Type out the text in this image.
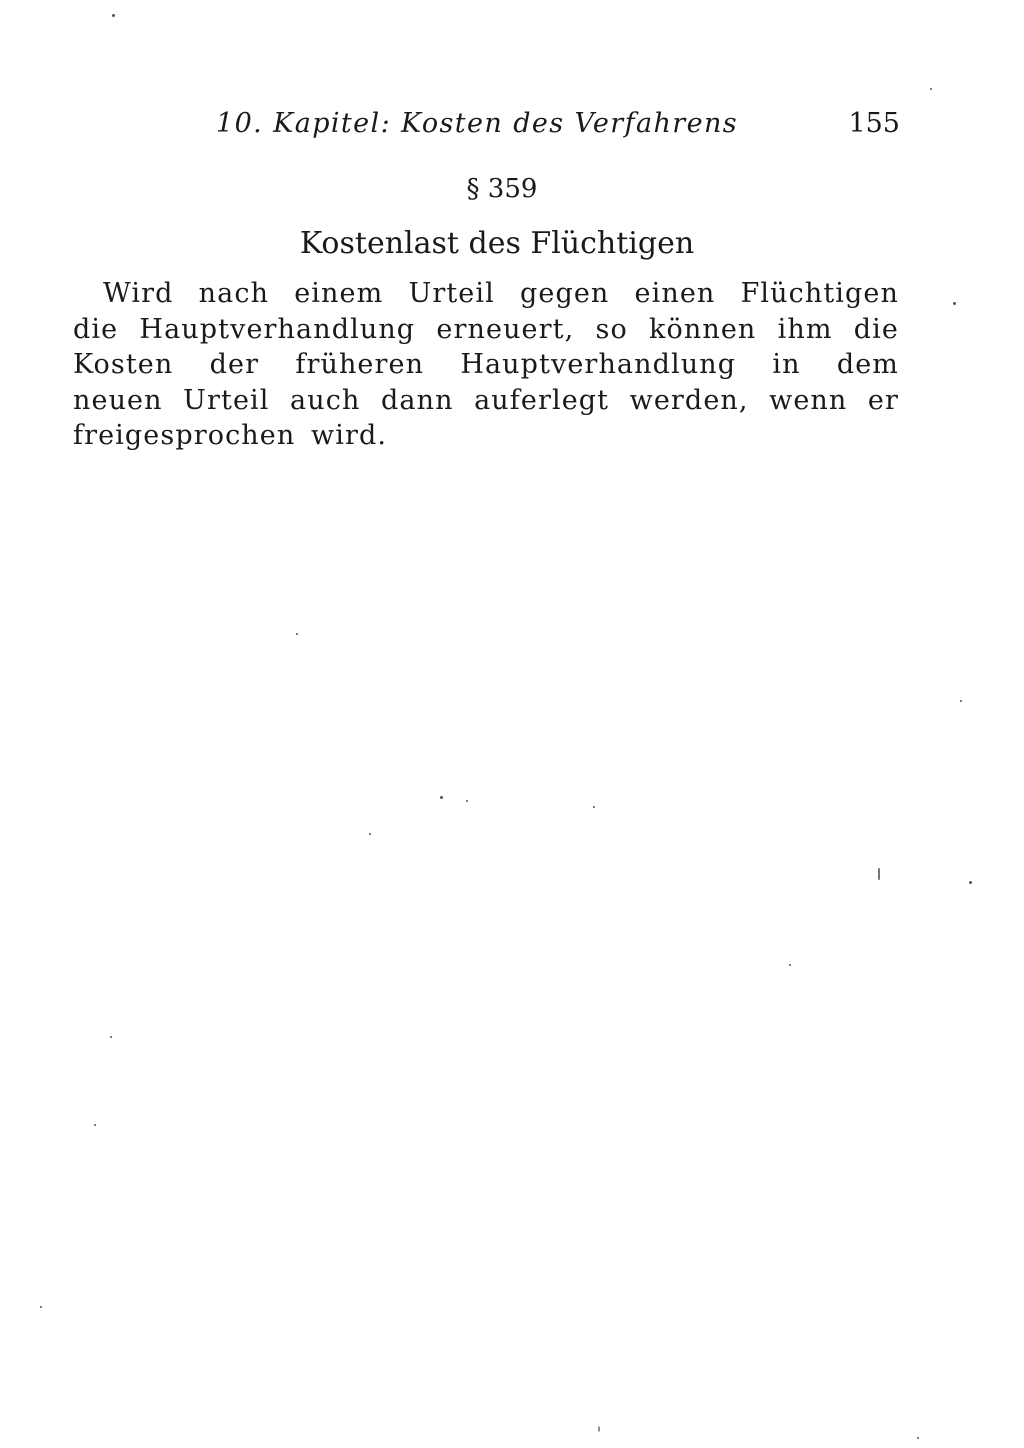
10. Kapitel: Kosten des Verfahrens	155
§ 359
Kostenlast des Flüchtigen

Wird nach einem Urteil gegen einen Flüchtigen die Hauptverhandlung erneuert, so können ihm die Kosten der früheren Hauptverhandlung in dem neuen Urteil auch dann auferlegt werden, wenn er freigesprochen wird.
